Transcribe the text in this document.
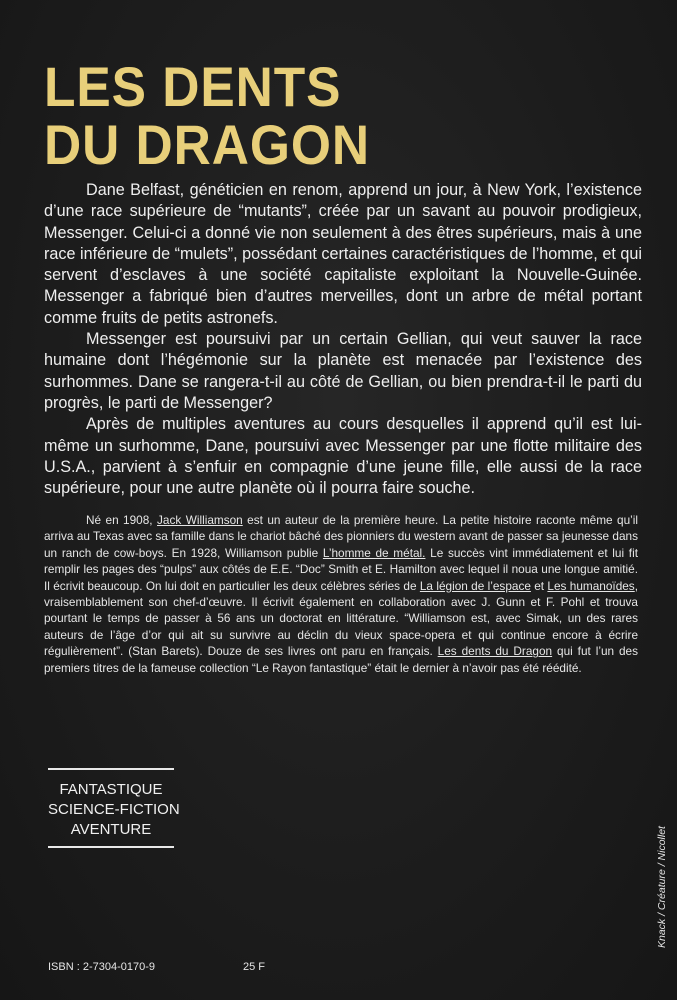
LES DENTS
DU DRAGON

Dane Belfast, généticien en renom, apprend un jour, à New York, l’existence d’une race supérieure de “mutants”, créée par un savant au pouvoir prodigieux, Messenger. Celui-ci a donné vie non seulement à des êtres supérieurs, mais à une race inférieure de “mulets”, possédant certaines caractéristiques de l’homme, et qui servent d’esclaves à une société capitaliste exploitant la Nouvelle-Guinée. Messenger a fabriqué bien d’autres merveilles, dont un arbre de métal portant comme fruits de petits astronefs.

Messenger est poursuivi par un certain Gellian, qui veut sauver la race humaine dont l’hégémonie sur la planète est menacée par l’existence des surhommes. Dane se rangera-t-il au côté de Gellian, ou bien prendra-t-il le parti du progrès, le parti de Messenger?

Après de multiples aventures au cours desquelles il apprend qu’il est lui-même un surhomme, Dane, poursuivi avec Messenger par une flotte militaire des U.S.A., parvient à s’enfuir en compagnie d’une jeune fille, elle aussi de la race supérieure, pour une autre planète où il pourra faire souche.

Né en 1908, Jack Williamson est un auteur de la première heure. La petite histoire raconte même qu’il arriva au Texas avec sa famille dans le chariot bâché des pionniers du western avant de passer sa jeunesse dans un ranch de cow-boys. En 1928, Williamson publie L’homme de métal. Le succès vint immédiatement et lui fit remplir les pages des “pulps” aux côtés de E.E. “Doc” Smith et E. Hamilton avec lequel il noua une longue amitié. Il écrivit beaucoup. On lui doit en particulier les deux célèbres séries de La légion de l’espace et Les humanoïdes, vraisemblablement son chef-d’œuvre. Il écrivit également en collaboration avec J. Gunn et F. Pohl et trouva pourtant le temps de passer à 56 ans un doctorat en littérature. “Williamson est, avec Simak, un des rares auteurs de l’âge d’or qui ait su survivre au déclin du vieux space-opera et qui continue encore à écrire régulièrement”. (Stan Barets). Douze de ses livres ont paru en français. Les dents du Dragon qui fut l’un des premiers titres de la fameuse collection “Le Rayon fantastique” était le dernier à n’avoir pas été réédité.
FANTASTIQUE
SCIENCE-FICTION
AVENTURE	Knack / Créature / Nicollet
ISBN : 2-7304-0170-9	25 F
